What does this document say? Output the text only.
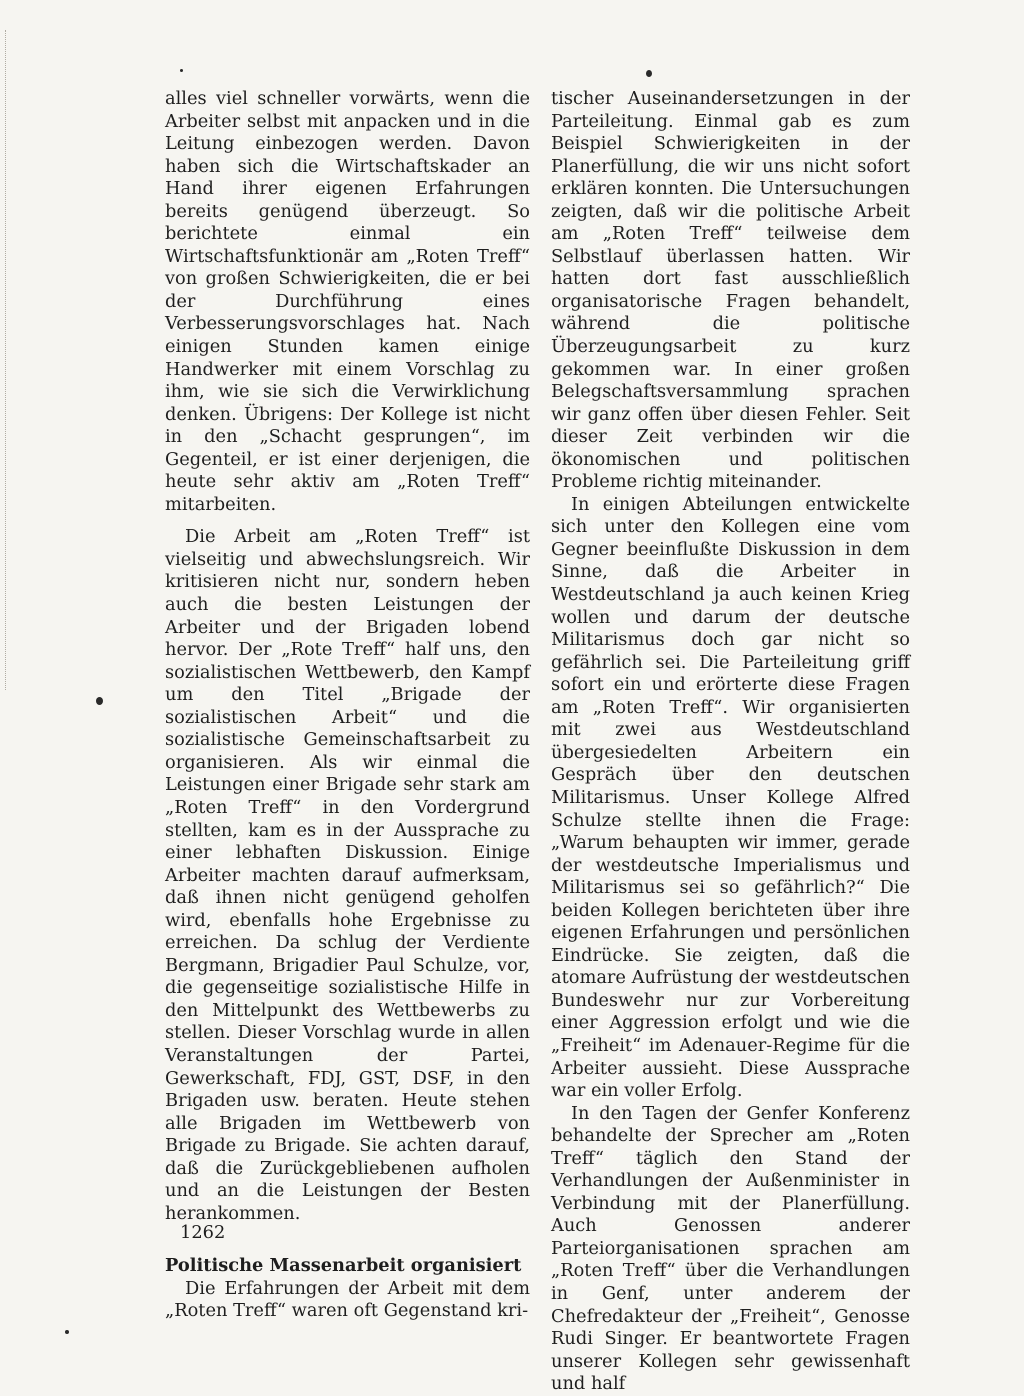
alles viel schneller vorwärts, wenn die Arbeiter selbst mit anpacken und in die Leitung einbezogen werden. Davon haben sich die Wirtschaftskader an Hand ihrer eigenen Erfahrungen bereits genügend überzeugt. So berichtete einmal ein Wirtschaftsfunktionär am „Roten Treff“ von großen Schwierigkeiten, die er bei der Durchführung eines Verbesserungsvorschlages hat. Nach einigen Stunden kamen einige Handwerker mit einem Vorschlag zu ihm, wie sie sich die Verwirklichung denken. Übrigens: Der Kollege ist nicht in den „Schacht gesprungen“, im Gegenteil, er ist einer derjenigen, die heute sehr aktiv am „Roten Treff“ mitarbeiten.

Die Arbeit am „Roten Treff“ ist vielseitig und abwechslungsreich. Wir kritisieren nicht nur, sondern heben auch die besten Leistungen der Arbeiter und der Brigaden lobend hervor. Der „Rote Treff“ half uns, den sozialistischen Wettbewerb, den Kampf um den Titel „Brigade der sozialistischen Arbeit“ und die sozialistische Gemeinschaftsarbeit zu organisieren. Als wir einmal die Leistungen einer Brigade sehr stark am „Roten Treff“ in den Vordergrund stellten, kam es in der Aussprache zu einer lebhaften Diskussion. Einige Arbeiter machten darauf aufmerksam, daß ihnen nicht genügend geholfen wird, ebenfalls hohe Ergebnisse zu erreichen. Da schlug der Verdiente Bergmann, Brigadier Paul Schulze, vor, die gegenseitige sozialistische Hilfe in den Mittelpunkt des Wettbewerbs zu stellen. Dieser Vorschlag wurde in allen Veranstaltungen der Partei, Gewerkschaft, FDJ, GST, DSF, in den Brigaden usw. beraten. Heute stehen alle Brigaden im Wettbewerb von Brigade zu Brigade. Sie achten darauf, daß die Zurückgebliebenen aufholen und an die Leistungen der Besten herankommen.

Politische Massenarbeit organisiert

Die Erfahrungen der Arbeit mit dem „Roten Treff“ waren oft Gegenstand kri-

tischer Auseinandersetzungen in der Parteileitung. Einmal gab es zum Beispiel Schwierigkeiten in der Planerfüllung, die wir uns nicht sofort erklären konnten. Die Untersuchungen zeigten, daß wir die politische Arbeit am „Roten Treff“ teilweise dem Selbstlauf überlassen hatten. Wir hatten dort fast ausschließlich organisatorische Fragen behandelt, während die politische Überzeugungsarbeit zu kurz gekommen war. In einer großen Belegschaftsversammlung sprachen wir ganz offen über diesen Fehler. Seit dieser Zeit verbinden wir die ökonomischen und politischen Probleme richtig miteinander.

In einigen Abteilungen entwickelte sich unter den Kollegen eine vom Gegner beeinflußte Diskussion in dem Sinne, daß die Arbeiter in Westdeutschland ja auch keinen Krieg wollen und darum der deutsche Militarismus doch gar nicht so gefährlich sei. Die Parteileitung griff sofort ein und erörterte diese Fragen am „Roten Treff“. Wir organisierten mit zwei aus Westdeutschland übergesiedelten Arbeitern ein Gespräch über den deutschen Militarismus. Unser Kollege Alfred Schulze stellte ihnen die Frage: „Warum behaupten wir immer, gerade der westdeutsche Imperialismus und Militarismus sei so gefährlich?“ Die beiden Kollegen berichteten über ihre eigenen Erfahrungen und persönlichen Eindrücke. Sie zeigten, daß die atomare Aufrüstung der westdeutschen Bundeswehr nur zur Vorbereitung einer Aggression erfolgt und wie die „Freiheit“ im Adenauer-Regime für die Arbeiter aussieht. Diese Aussprache war ein voller Erfolg.

In den Tagen der Genfer Konferenz behandelte der Sprecher am „Roten Treff“ täglich den Stand der Verhandlungen der Außenminister in Verbindung mit der Planerfüllung. Auch Genossen anderer Parteiorganisationen sprachen am „Roten Treff“ über die Verhandlungen in Genf, unter anderem der Chefredakteur der „Freiheit“, Genosse Rudi Singer. Er beantwortete Fragen unserer Kollegen sehr gewissenhaft und half

1262
